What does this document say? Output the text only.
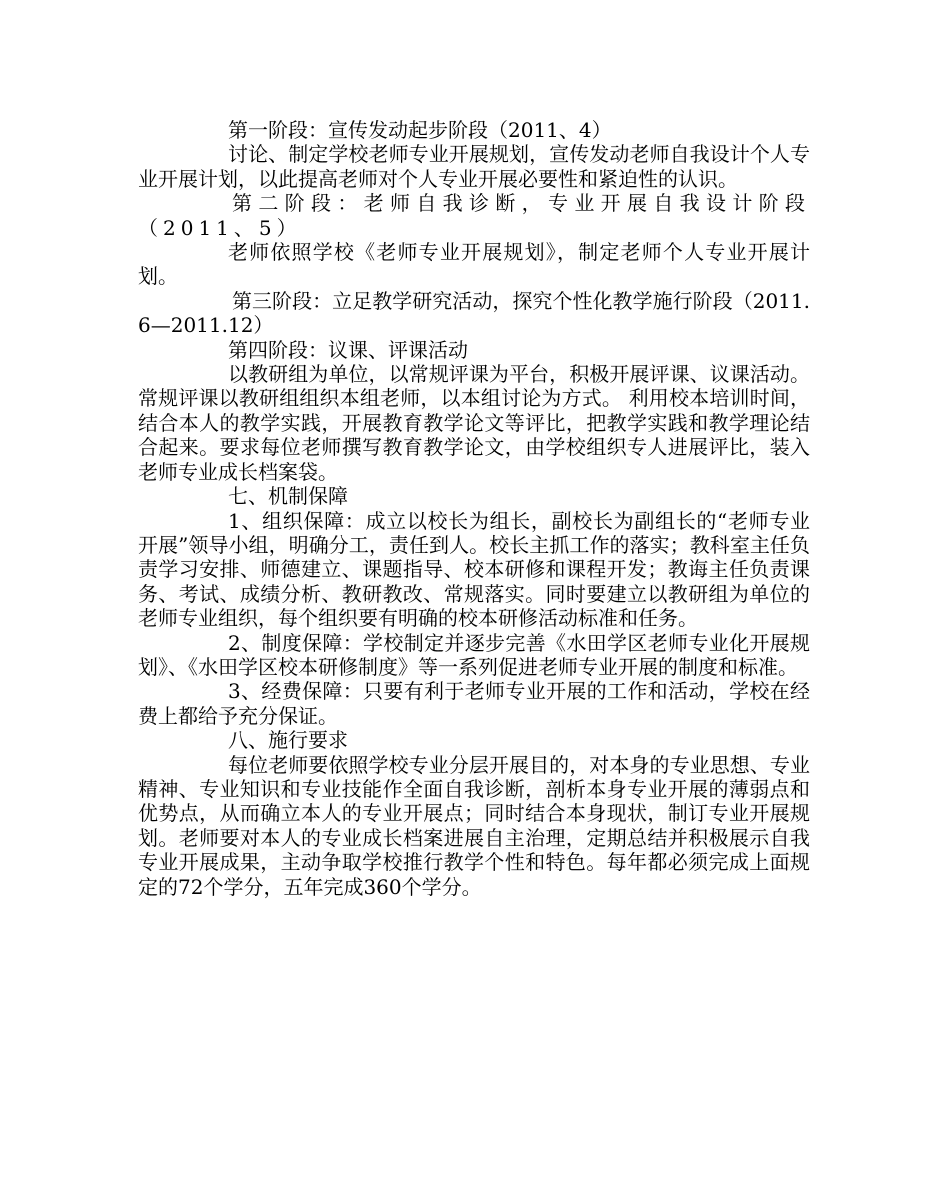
第一阶段：宣传发动起步阶段（2011、4）

讨论、制定学校老师专业开展规划，宣传发动老师自我设计个人专业开展计划，以此提高老师对个人专业开展必要性和紧迫性的认识。

第二阶段：老师自我诊断，专业开展自我设计阶段（2011、5）

老师依照学校《老师专业开展规划》，制定老师个人专业开展计划。

第三阶段：立足教学研究活动，探究个性化教学施行阶段（2011.6—2011.12）

第四阶段：议课、评课活动

以教研组为单位，以常规评课为平台，积极开展评课、议课活动。常规评课以教研组组织本组老师，以本组讨论为方式。 利用校本培训时间，结合本人的教学实践，开展教育教学论文等评比，把教学实践和教学理论结合起来。要求每位老师撰写教育教学论文，由学校组织专人进展评比，装入老师专业成长档案袋。

七、机制保障

1、组织保障：成立以校长为组长，副校长为副组长的“老师专业开展”领导小组，明确分工，责任到人。校长主抓工作的落实；教科室主任负责学习安排、师德建立、课题指导、校本研修和课程开发；教诲主任负责课务、考试、成绩分析、教研教改、常规落实。同时要建立以教研组为单位的老师专业组织，每个组织要有明确的校本研修活动标准和任务。

2、制度保障：学校制定并逐步完善《水田学区老师专业化开展规划》、《水田学区校本研修制度》等一系列促进老师专业开展的制度和标准。

3、经费保障：只要有利于老师专业开展的工作和活动，学校在经费上都给予充分保证。

八、施行要求

每位老师要依照学校专业分层开展目的，对本身的专业思想、专业精神、专业知识和专业技能作全面自我诊断，剖析本身专业开展的薄弱点和优势点，从而确立本人的专业开展点；同时结合本身现状，制订专业开展规划。老师要对本人的专业成长档案进展自主治理，定期总结并积极展示自我专业开展成果，主动争取学校推行教学个性和特色。每年都必须完成上面规定的72个学分，五年完成360个学分。
